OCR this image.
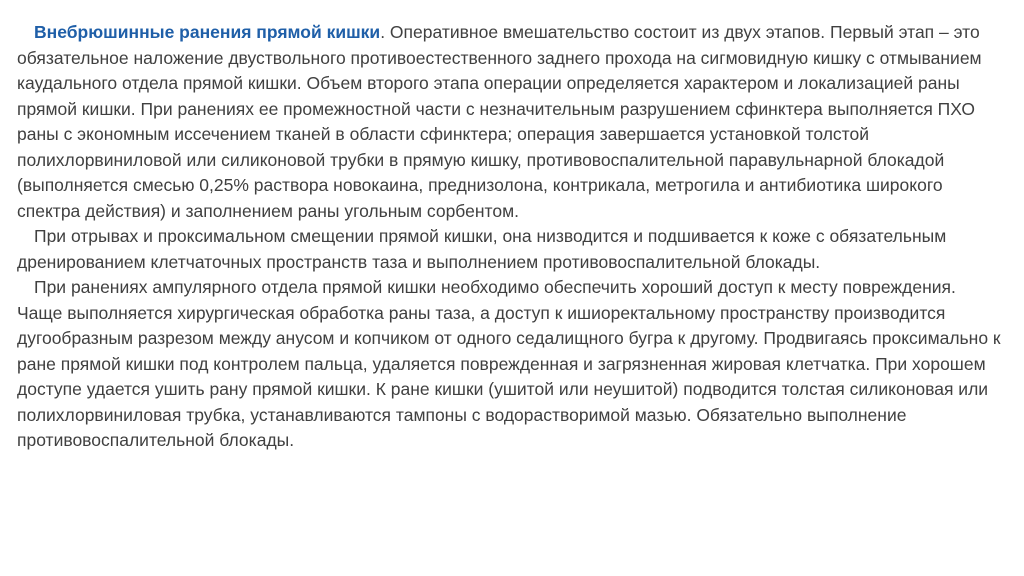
Внебрюшинные ранения прямой кишки. Оперативное вмешательство состоит из двух этапов. Первый этап – это обязательное наложение двуствольного противоестественного заднего прохода на сигмовидную кишку с отмыванием каудального отдела прямой кишки. Объем второго этапа операции определяется характером и локализацией раны прямой кишки. При ранениях ее промежностной части с незначительным разрушением сфинктера выполняется ПХО раны с экономным иссечением тканей в области сфинктера; операция завершается установкой толстой полихлорвиниловой или силиконовой трубки в прямую кишку, противовоспалительной паравульнарной блокадой (выполняется смесью 0,25% раствора новокаина, преднизолона, контрикала, метрогила и антибиотика широкого спектра действия) и заполнением раны угольным сорбентом.

При отрывах и проксимальном смещении прямой кишки, она низводится и подшивается к коже с обязательным дренированием клетчаточных пространств таза и выполнением противовоспалительной блокады.

При ранениях ампулярного отдела прямой кишки необходимо обеспечить хороший доступ к месту повреждения. Чаще выполняется хирургическая обработка раны таза, а доступ к ишиоректальному пространству производится дугообразным разрезом между анусом и копчиком от одного седалищного бугра к другому. Продвигаясь проксимально к ране прямой кишки под контролем пальца, удаляется поврежденная и загрязненная жировая клетчатка. При хорошем доступе удается ушить рану прямой кишки. К ране кишки (ушитой или неушитой) подводится толстая силиконовая или полихлорвиниловая трубка, устанавливаются тампоны с водорастворимой мазью. Обязательно выполнение противовоспалительной блокады.
